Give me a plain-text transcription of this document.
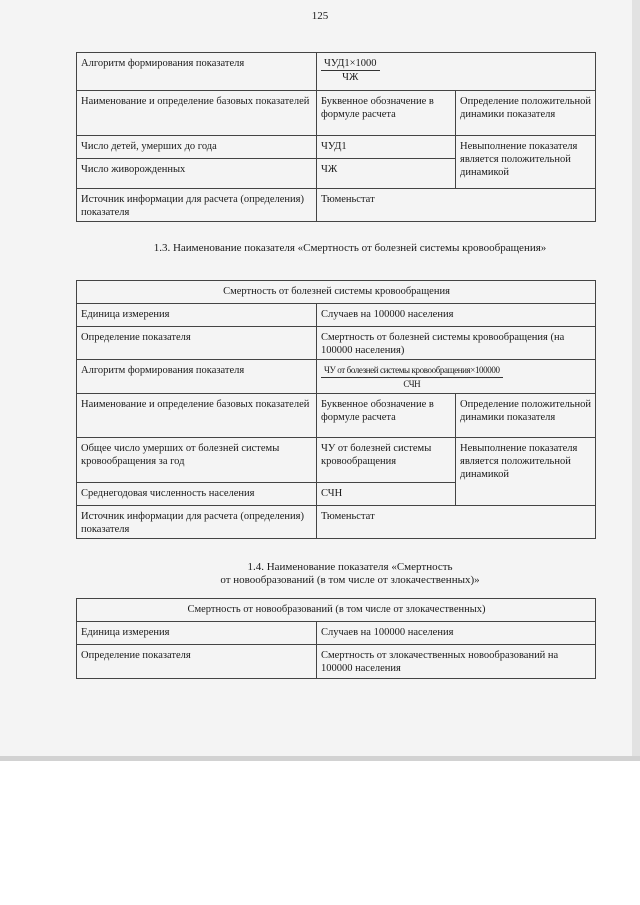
125
Алгоритм формирования показателя	$\frac{\text{ЧУД1×1000}}{ЧЖ}$

Наименование и определение базовых показателей	Буквенное обозначение в формуле расчета	Определение положительной динамики показателя
Число детей, умерших до года	ЧУД1	Невыполнение показателя является положительной динамикой
Число живорожденных	ЧЖ	
Источник информации для расчета (определения) показателя	Тюменьстат	
1.3. Наименование показателя «Смертность от болезней системы кровообращения»
Смертность от болезней системы кровообращения		
Единица измерения	Случаев на 100000 населения	
Определение показателя	Смертность от болезней системы кровообращения (на 100000 населения)	
Алгоритм формирования показателя	$\frac{\text{ЧУ от болезней системы кровообращения×100000}}{\text{СЧН}}$

Наименование и определение базовых показателей	Буквенное обозначение в формуле расчета	Определение положительной динамики показателя
Общее число умерших от болезней системы кровообращения за год	ЧУ от болезней системы кровообращения	Невыполнение показателя является положительной динамикой
Среднегодовая численность населения	СЧН	
Источник информации для расчета (определения) показателя	Тюменьстат	
1.4. Наименование показателя «Смертность
от новообразований (в том числе от злокачественных)»
Смертность от новообразований (в том числе от злокачественных)	
Единица измерения	Случаев на 100000 населения
Определение показателя	Смертность от злокачественных новообразований на 100000 населения
